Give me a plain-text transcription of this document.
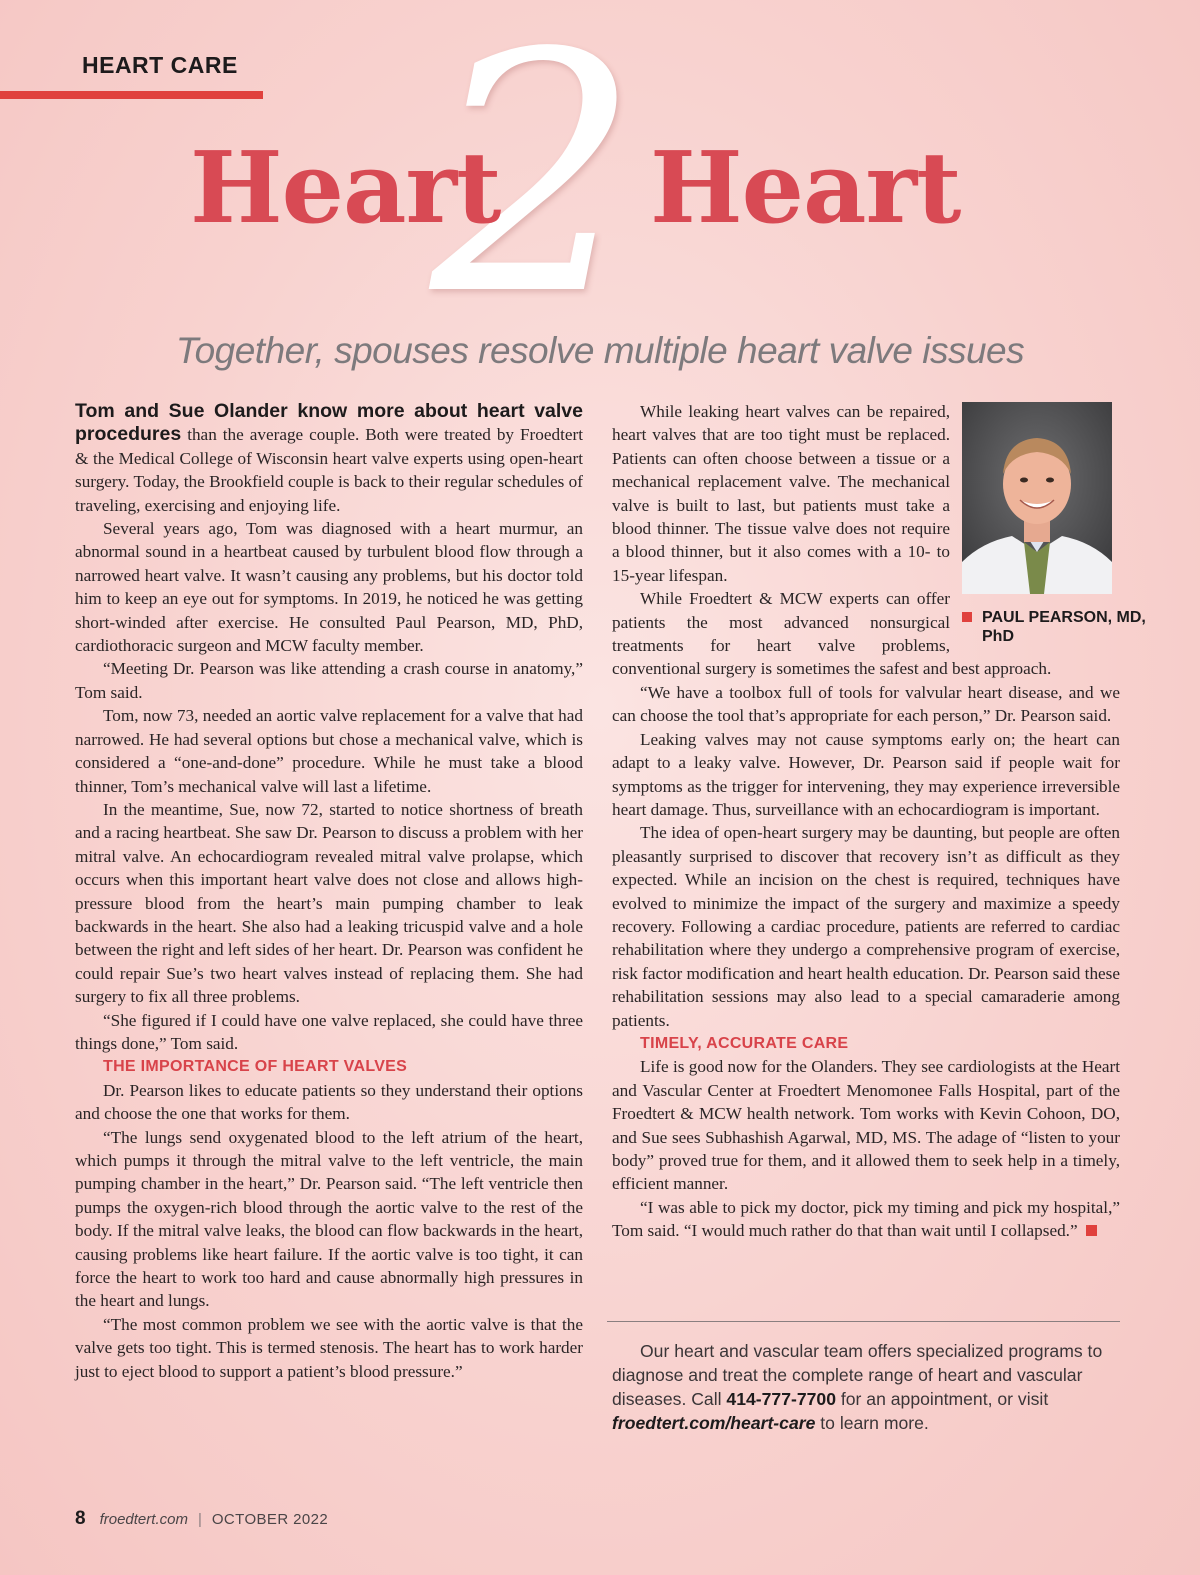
HEART CARE 2
Heart Heart
Together, spouses resolve multiple heart valve issues

Tom and Sue Olander know more about heart valve procedures than the average couple. Both were treated by Froedtert & the Medical College of Wisconsin heart valve experts using open-heart surgery. Today, the Brookfield couple is back to their regular schedules of traveling, exercising and enjoying life.

Several years ago, Tom was diagnosed with a heart murmur, an abnormal sound in a heartbeat caused by turbulent blood flow through a narrowed heart valve. It wasn’t causing any problems, but his doctor told him to keep an eye out for symptoms. In 2019, he noticed he was getting short-winded after exercise. He consulted Paul Pearson, MD, PhD, cardiothoracic surgeon and MCW faculty member.

“Meeting Dr. Pearson was like attending a crash course in anatomy,” Tom said.

Tom, now 73, needed an aortic valve replacement for a valve that had narrowed. He had several options but chose a mechanical valve, which is considered a “one-and-done” procedure. While he must take a blood thinner, Tom’s mechanical valve will last a lifetime.

In the meantime, Sue, now 72, started to notice shortness of breath and a racing heartbeat. She saw Dr. Pearson to discuss a problem with her mitral valve. An echocardiogram revealed mitral valve prolapse, which occurs when this important heart valve does not close and allows high-pressure blood from the heart’s main pumping chamber to leak backwards in the heart. She also had a leaking tricuspid valve and a hole between the right and left sides of her heart. Dr. Pearson was confident he could repair Sue’s two heart valves instead of replacing them. She had surgery to fix all three problems.

“She figured if I could have one valve replaced, she could have three things done,” Tom said.

THE IMPORTANCE OF HEART VALVES

Dr. Pearson likes to educate patients so they understand their options and choose the one that works for them.

“The lungs send oxygenated blood to the left atrium of the heart, which pumps it through the mitral valve to the left ventricle, the main pumping chamber in the heart,” Dr. Pearson said. “The left ventricle then pumps the oxygen-rich blood through the aortic valve to the rest of the body. If the mitral valve leaks, the blood can flow backwards in the heart, causing problems like heart failure. If the aortic valve is too tight, it can force the heart to work too hard and cause abnormally high pressures in the heart and lungs.

“The most common problem we see with the aortic valve is that the valve gets too tight. This is termed stenosis. The heart has to work harder just to eject blood to support a patient’s blood pressure.”

PAUL PEARSON, MD, PhD

While leaking heart valves can be repaired, heart valves that are too tight must be replaced. Patients can often choose between a tissue or a mechanical replacement valve. The mechanical valve is built to last, but patients must take a blood thinner. The tissue valve does not require a blood thinner, but it also comes with a 10- to 15-year lifespan.

While Froedtert & MCW experts can offer patients the most advanced nonsurgical treatments for heart valve problems, conventional surgery is sometimes the safest and best approach.

“We have a toolbox full of tools for valvular heart disease, and we can choose the tool that’s appropriate for each person,” Dr. Pearson said.

Leaking valves may not cause symptoms early on; the heart can adapt to a leaky valve. However, Dr. Pearson said if people wait for symptoms as the trigger for intervening, they may experience irreversible heart damage. Thus, surveillance with an echocardiogram is important.

The idea of open-heart surgery may be daunting, but people are often pleasantly surprised to discover that recovery isn’t as difficult as they expected. While an incision on the chest is required, techniques have evolved to minimize the impact of the surgery and maximize a speedy recovery. Following a cardiac procedure, patients are referred to cardiac rehabilitation where they undergo a comprehensive program of exercise, risk factor modification and heart health education. Dr. Pearson said these rehabilitation sessions may also lead to a special camaraderie among patients.

TIMELY, ACCURATE CARE

Life is good now for the Olanders. They see cardiologists at the Heart and Vascular Center at Froedtert Menomonee Falls Hospital, part of the Froedtert & MCW health network. Tom works with Kevin Cohoon, DO, and Sue sees Subhashish Agarwal, MD, MS. The adage of “listen to your body” proved true for them, and it allowed them to seek help in a timely, efficient manner.

“I was able to pick my doctor, pick my timing and pick my hospital,” Tom said. “I would much rather do that than wait until I collapsed.”

Our heart and vascular team offers specialized programs to diagnose and treat the complete range of heart and vascular diseases. Call 414-777-7700 for an appointment, or visit froedtert.com/heart-care to learn more.
8 froedtert.com | OCTOBER 2022
